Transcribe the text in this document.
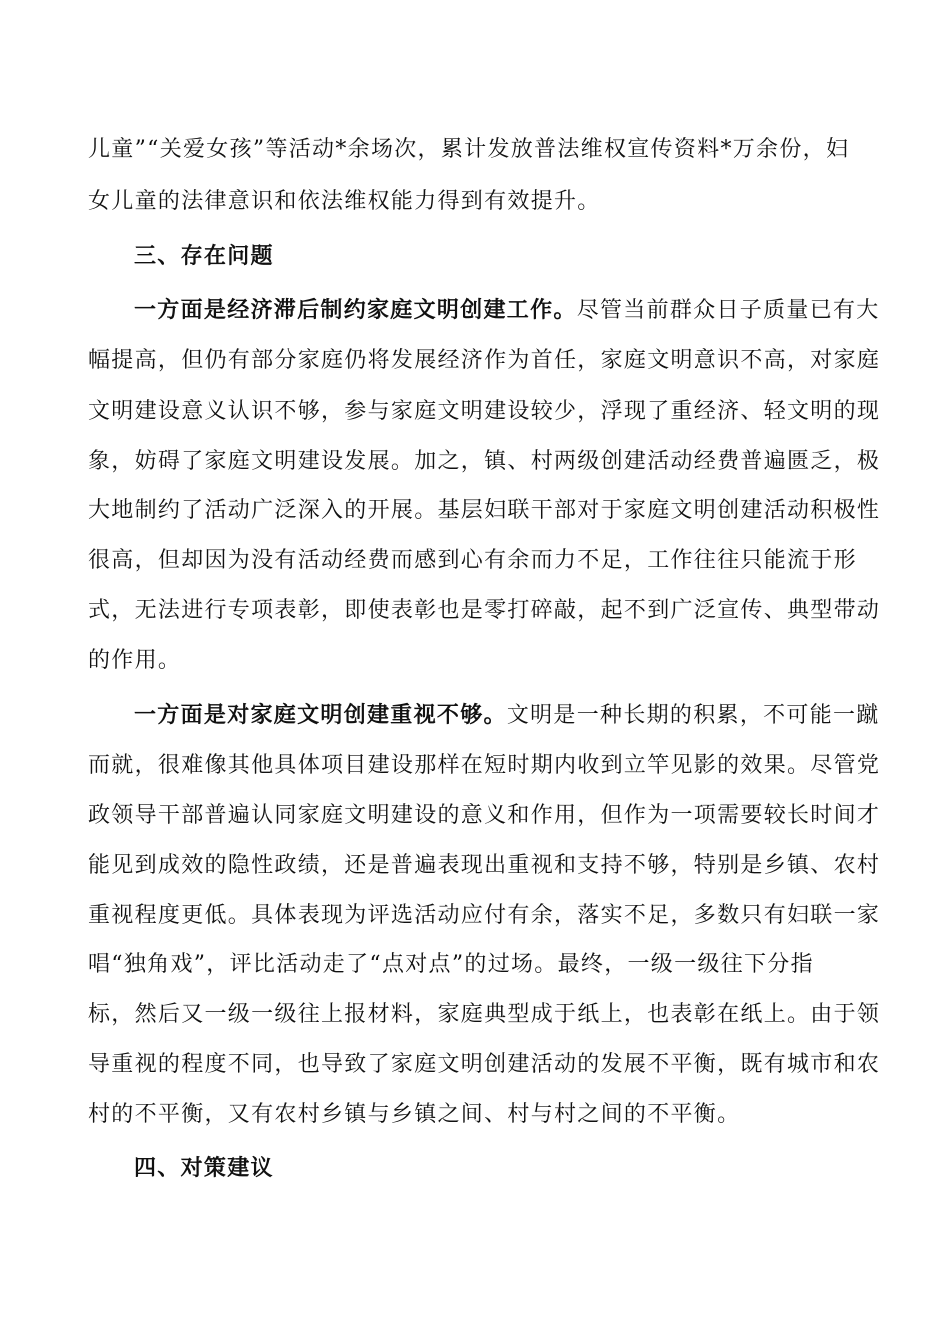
儿童”“关爱女孩”等活动*余场次，累计发放普法维权宣传资料*万余份，妇
女儿童的法律意识和依法维权能力得到有效提升。
三、存在问题
一方面是经济滞后制约家庭文明创建工作。尽管当前群众日子质量已有大
幅提高，但仍有部分家庭仍将发展经济作为首任，家庭文明意识不高，对家庭
文明建设意义认识不够，参与家庭文明建设较少，浮现了重经济、轻文明的现
象，妨碍了家庭文明建设发展。加之，镇、村两级创建活动经费普遍匮乏，极
大地制约了活动广泛深入的开展。基层妇联干部对于家庭文明创建活动积极性
很高，但却因为没有活动经费而感到心有余而力不足，工作往往只能流于形
式，无法进行专项表彰，即使表彰也是零打碎敲，起不到广泛宣传、典型带动
的作用。
一方面是对家庭文明创建重视不够。文明是一种长期的积累，不可能一蹴
而就，很难像其他具体项目建设那样在短时期内收到立竿见影的效果。尽管党
政领导干部普遍认同家庭文明建设的意义和作用，但作为一项需要较长时间才
能见到成效的隐性政绩，还是普遍表现出重视和支持不够，特别是乡镇、农村
重视程度更低。具体表现为评选活动应付有余，落实不足，多数只有妇联一家
唱“独角戏”，评比活动走了“点对点”的过场。最终，一级一级往下分指
标，然后又一级一级往上报材料，家庭典型成于纸上，也表彰在纸上。由于领
导重视的程度不同，也导致了家庭文明创建活动的发展不平衡，既有城市和农
村的不平衡，又有农村乡镇与乡镇之间、村与村之间的不平衡。
四、对策建议
